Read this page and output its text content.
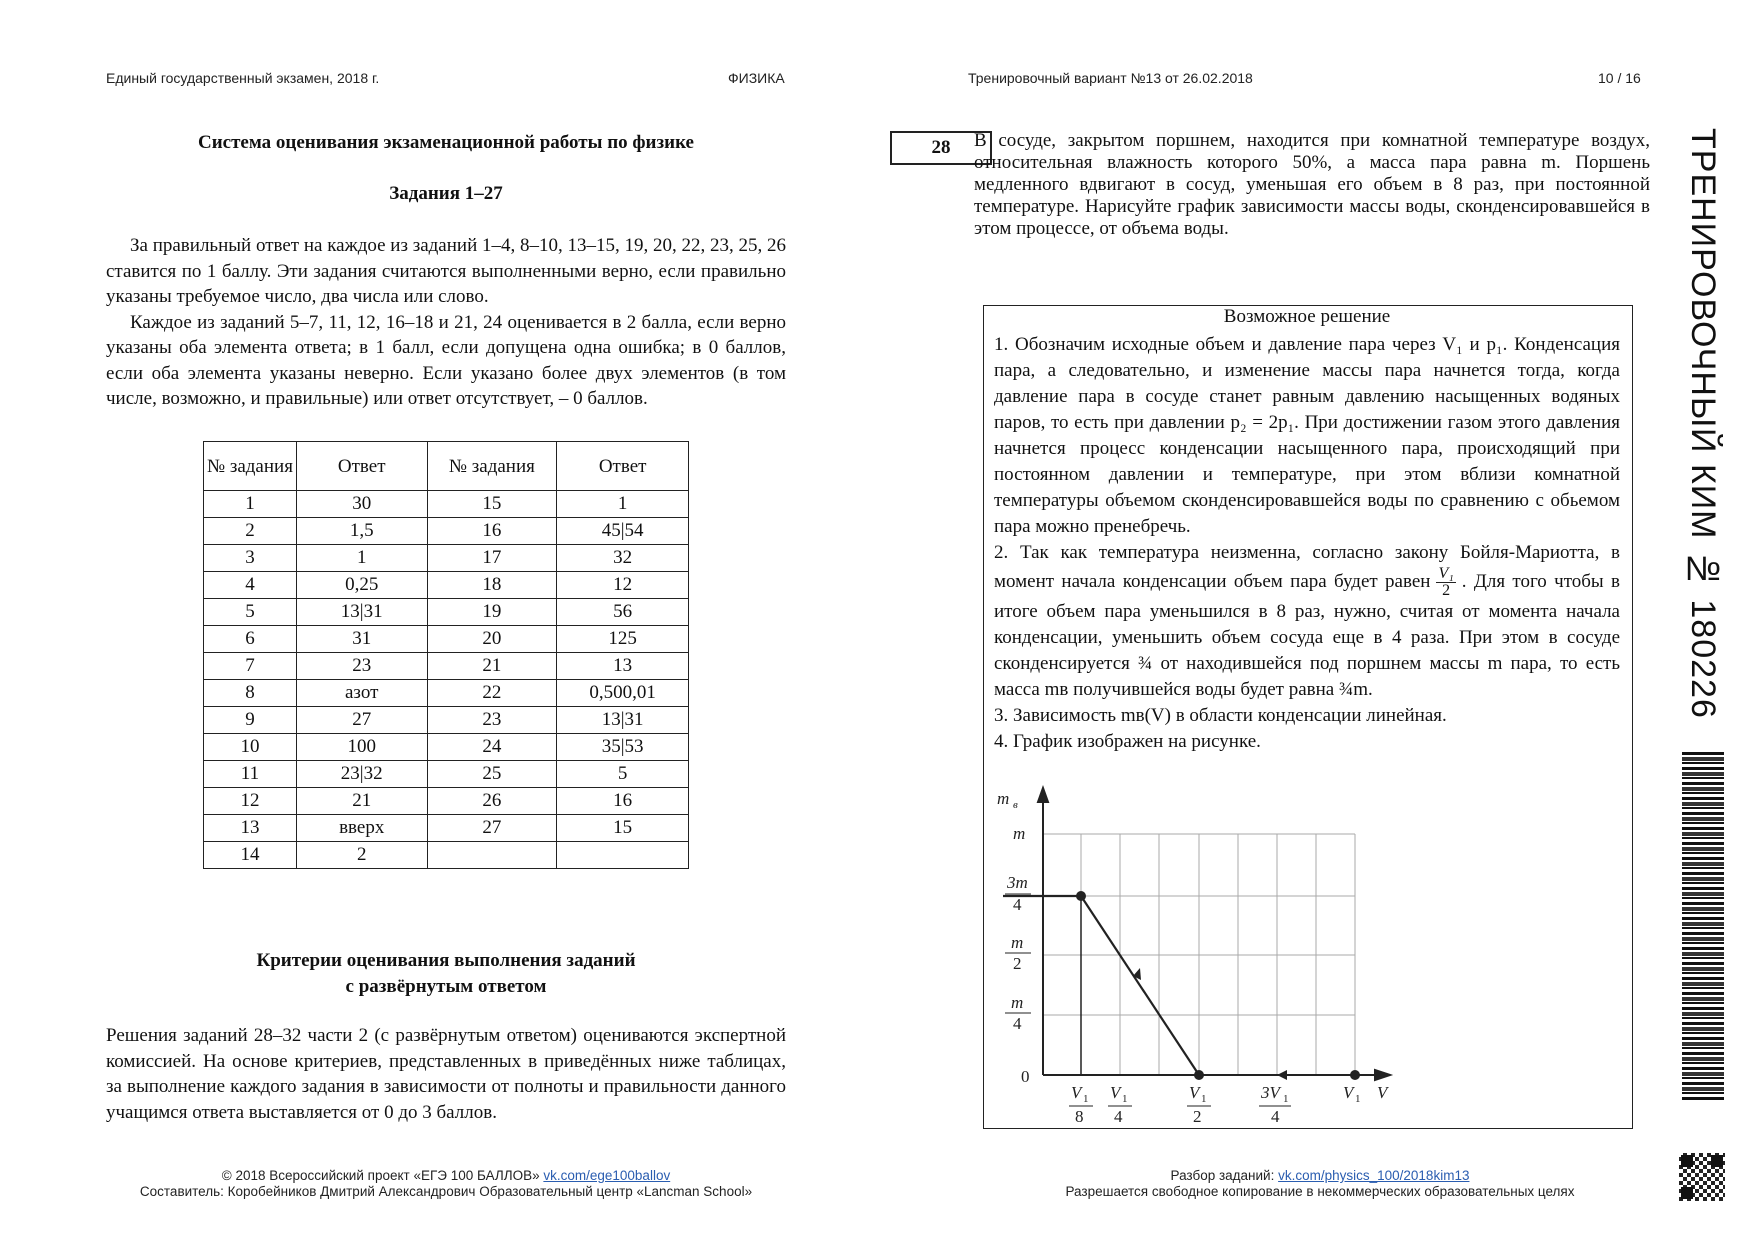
Единый государственный экзамен, 2018 г.	ФИЗИКА	Тренировочный вариант №13 от 26.02.2018	10 / 16
Система оценивания экзаменационной работы по физике
Задания 1–27

За правильный ответ на каждое из заданий 1–4, 8–10, 13–15, 19, 20, 22, 23, 25, 26 ставится по 1 баллу. Эти задания считаются выполненными верно, если правильно указаны требуемое число, два числа или слово.

Каждое из заданий 5–7, 11, 12, 16–18 и 21, 24 оценивается в 2 балла, если верно указаны оба элемента ответа; в 1 балл, если допущена одна ошибка; в 0 баллов, если оба элемента указаны неверно. Если указано более двух элементов (в том числе, возможно, и правильные) или ответ отсутствует, – 0 баллов.

№ задания	Ответ	№ задания	Ответ
1	30	15	1
2	1,5	16	45|54
3	1	17	32
4	0,25	18	12
5	13|31	19	56
6	31	20	125
7	23	21	13
8	азот	22	0,500,01
9	27	23	13|31
10	100	24	35|53
11	23|32	25	5
12	21	26	16
13	вверх	27	15
14	2		
Критерии оценивания выполнения заданий
с развёрнутым ответом
Решения заданий 28–32 части 2 (с развёрнутым ответом) оцениваются экспертной комиссией. На основе критериев, представленных в приведённых ниже таблицах, за выполнение каждого задания в зависимости от полноты и правильности данного учащимся ответа выставляется от 0 до 3 баллов.
© 2018 Всероссийский проект «ЕГЭ 100 БАЛЛОВ» vk.com/ege100ballov
Составитель: Коробейников Дмитрий Александрович Образовательный центр «Lancman School»
28	В сосуде, закрытом поршнем, находится при комнатной температуре воздух, относительная влажность которого 50%, а масса пара равна m. Поршень медленного вдвигают в сосуд, уменьшая его объем в 8 раз, при постоянной температуре. Нарисуйте график зависимости массы воды, сконденсировавшейся в этом процессе, от объема воды.
Возможное решение

1. Обозначим исходные объем и давление пара через V₁ и p₁. Конденсация пара, а следовательно, и изменение массы пара начнется тогда, когда давление пара в сосуде станет равным давлению насыщенных водяных паров, то есть при давлении p₂ = 2p₁. При достижении газом этого давления начнется процесс конденсации насыщенного пара, происходящий при постоянном давлении и температуре, при этом вблизи комнатной температуры объемом сконденсировавшейся воды по сравнению с обьемом пара можно пренебречь.

2. Так как температура неизменна, согласно закону Бойля-Мариотта, в момент начала конденсации объем пара будет равен $\frac{\text{V₁}}{2}$ . Для того чтобы в итоге объем пара уменьшился в 8 раз, нужно, считая от момента начала конденсации, уменьшить объем сосуда еще в 4 раза. При этом в сосуде сконденсируется ¾ от находившейся под поршнем массы m пара, то есть масса mв получившейся воды будет равна ¾m.

3. Зависимость mв(V) в области конденсации линейная.

4. График изображен на рисунке.

m в
m
3m
4
m
2
m
4
0
V 1
8
V 1
4
V 1
2
3V 1
4
V 1 V
Разбор заданий: vk.com/physics_100/2018kim13
Разрешается свободное копирование в некоммерческих образовательных целях
ТРЕНИРОВОЧНЫЙ КИМ № 180226
